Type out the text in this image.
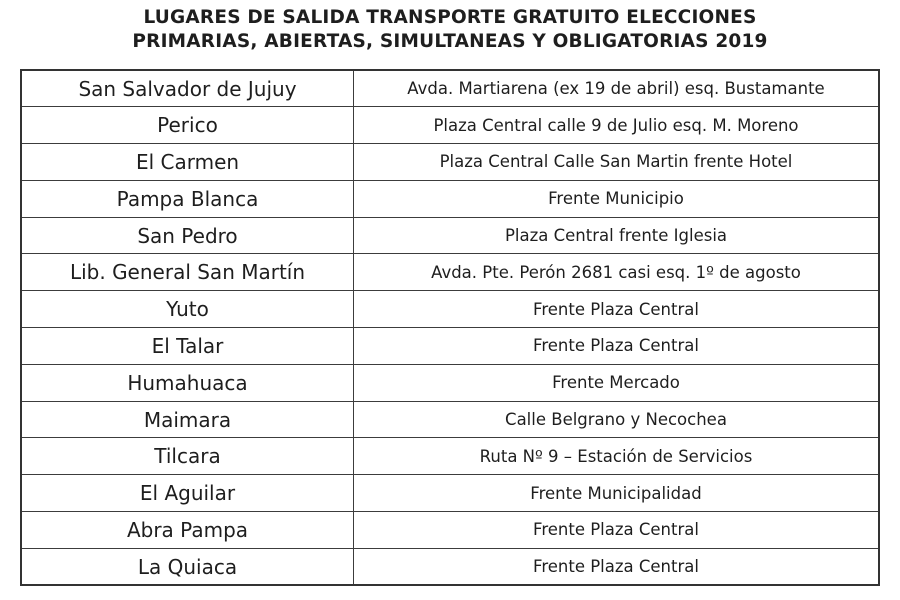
LUGARES DE SALIDA TRANSPORTE GRATUITO ELECCIONES
PRIMARIAS, ABIERTAS, SIMULTANEAS Y OBLIGATORIAS 2019
San Salvador de Jujuy	Avda. Martiarena (ex 19 de abril) esq. Bustamante
Perico	Plaza Central calle 9 de Julio esq. M. Moreno
El Carmen	Plaza Central Calle San Martin frente Hotel
Pampa Blanca	Frente Municipio
San Pedro	Plaza Central frente Iglesia
Lib. General San Martín	Avda. Pte. Perón 2681 casi esq. 1º de agosto
Yuto	Frente Plaza Central
El Talar	Frente Plaza Central
Humahuaca	Frente Mercado
Maimara	Calle Belgrano y Necochea
Tilcara	Ruta Nº 9 – Estación de Servicios
El Aguilar	Frente Municipalidad
Abra Pampa	Frente Plaza Central
La Quiaca	Frente Plaza Central
